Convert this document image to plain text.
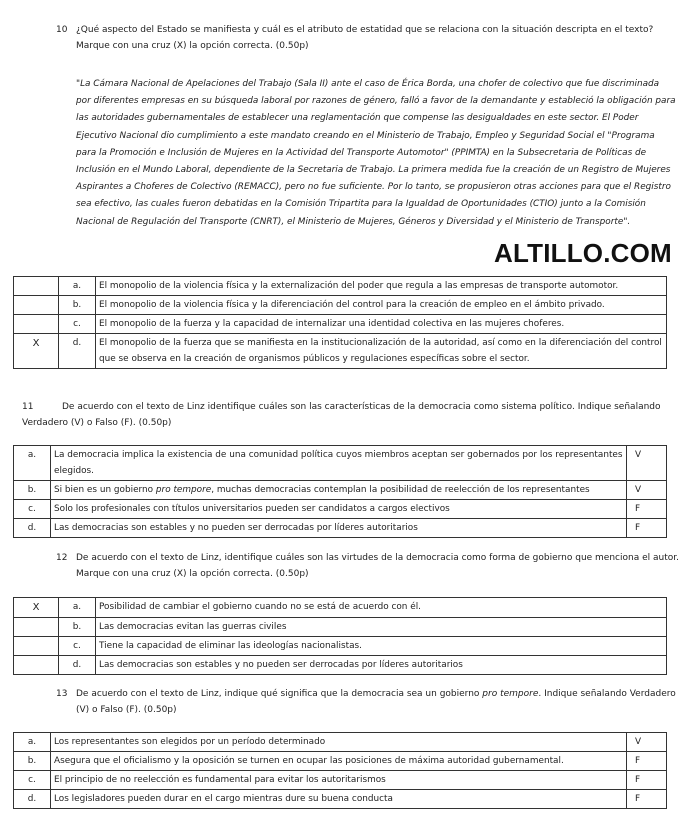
10 ¿Qué aspecto del Estado se manifiesta y cuál es el atributo de estatidad que se relaciona con la situación descripta en el texto? Marque con una cruz (X) la opción correcta. (0.50p)
"La Cámara Nacional de Apelaciones del Trabajo (Sala II) ante el caso de Érica Borda, una chofer de colectivo que fue discriminada por diferentes empresas en su búsqueda laboral por razones de género, falló a favor de la demandante y estableció la obligación para las autoridades gubernamentales de establecer una reglamentación que compense las desigualdades en este sector. El Poder Ejecutivo Nacional dio cumplimiento a este mandato creando en el Ministerio de Trabajo, Empleo y Seguridad Social el "Programa para la Promoción e Inclusión de Mujeres en la Actividad del Transporte Automotor" (PPIMTA) en la Subsecretaria de Políticas de Inclusión en el Mundo Laboral, dependiente de la Secretaria de Trabajo. La primera medida fue la creación de un Registro de Mujeres Aspirantes a Choferes de Colectivo (REMACC), pero no fue suficiente. Por lo tanto, se propusieron otras acciones para que el Registro sea efectivo, las cuales fueron debatidas en la Comisión Tripartita para la Igualdad de Oportunidades (CTIO) junto a la Comisión Nacional de Regulación del Transporte (CNRT), el Ministerio de Mujeres, Géneros y Diversidad y el Ministerio de Transporte".
ALTILLO.COM
	a.	El monopolio de la violencia física y la externalización del poder que regula a las empresas de transporte automotor.
	b.	El monopolio de la violencia física y la diferenciación del control para la creación de empleo en el ámbito privado.
	c.	El monopolio de la fuerza y la capacidad de internalizar una identidad colectiva en las mujeres choferes.
X	d.	El monopolio de la fuerza que se manifiesta en la institucionalización de la autoridad, así como en la diferenciación del control que se observa en la creación de organismos públicos y regulaciones específicas sobre el sector.
11	De acuerdo con el texto de Linz identifique cuáles son las características de la democracia como sistema político. Indique señalando Verdadero (V) o Falso (F). (0.50p)
a.	La democracia implica la existencia de una comunidad política cuyos miembros aceptan ser gobernados por los representantes elegidos.	V
b.	Si bien es un gobierno pro tempore, muchas democracias contemplan la posibilidad de reelección de los representantes	V
c.	Solo los profesionales con títulos universitarios pueden ser candidatos a cargos electivos	F
d.	Las democracias son estables y no pueden ser derrocadas por líderes autoritarios	F
12 De acuerdo con el texto de Linz, identifique cuáles son las virtudes de la democracia como forma de gobierno que menciona el autor. Marque con una cruz (X) la opción correcta. (0.50p)
X	a.	Posibilidad de cambiar el gobierno cuando no se está de acuerdo con él.
	b.	Las democracias evitan las guerras civiles
	c.	Tiene la capacidad de eliminar las ideologías nacionalistas.
	d.	Las democracias son estables y no pueden ser derrocadas por líderes autoritarios
13 De acuerdo con el texto de Linz, indique qué significa que la democracia sea un gobierno pro tempore. Indique señalando Verdadero (V) o Falso (F). (0.50p)
a.	Los representantes son elegidos por un período determinado	V
b.	Asegura que el oficialismo y la oposición se turnen en ocupar las posiciones de máxima autoridad gubernamental.	F
c.	El principio de no reelección es fundamental para evitar los autoritarismos	F
d.	Los legisladores pueden durar en el cargo mientras dure su buena conducta	F
